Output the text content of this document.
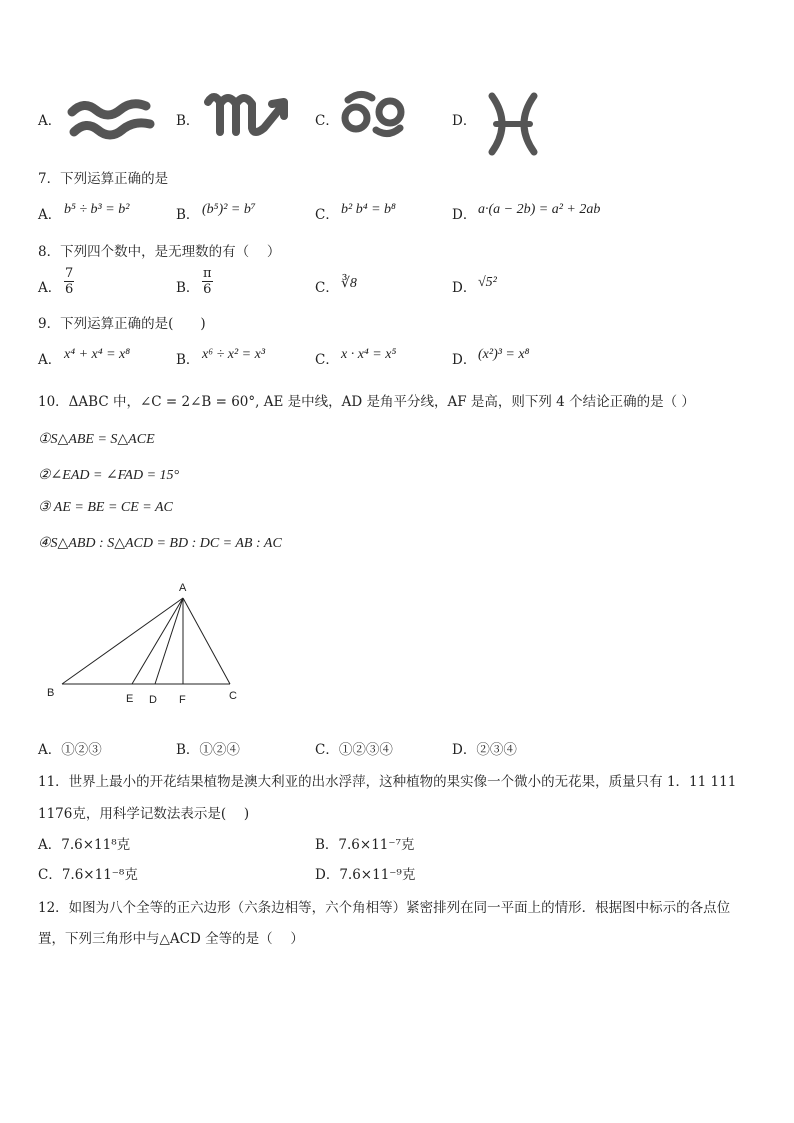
A．	B．	C．	D．
7．下列运算正确的是
A． b⁵ ÷ b³ = b²	B． (b⁵)² = b⁷	C． b² b⁴ = b⁸	D． a·(a − 2b) = a² + 2ab
8．下列四个数中，是无理数的有（　 ）
A． $\frac{7}{6}$	B． $\frac{\pi}{6}$	C． ∛8	D． √5²
9．下列运算正确的是(　　)
A． x⁴ + x⁴ = x⁸	B． x⁶ ÷ x² = x³	C． x · x⁴ = x⁵	D． (x²)³ = x⁸
10．ΔABC 中，∠C = 2∠B = 60°, AE 是中线，AD 是角平分线，AF 是高，则下列 4 个结论正确的是（ ）
①S△ABE = S△ACE
②∠EAD = ∠FAD = 15°
③ AE = BE = CE = AC
④S△ABD : S△ACD = BD : DC = AB : AC
A
B	C
E D F
A．①②③	B．①②④	C．①②③④	D．②③④
11．世界上最小的开花结果植物是澳大利亚的出水浮萍，这种植物的果实像一个微小的无花果，质量只有 1．11 111
1176克，用科学记数法表示是(　 )
A．7.6×11⁸克	B．7.6×11⁻⁷克
C．7.6×11⁻⁸克	D．7.6×11⁻⁹克
12．如图为八个全等的正六边形（六条边相等，六个角相等）紧密排列在同一平面上的情形．根据图中标示的各点位
置，下列三角形中与△ACD 全等的是（　 ）
